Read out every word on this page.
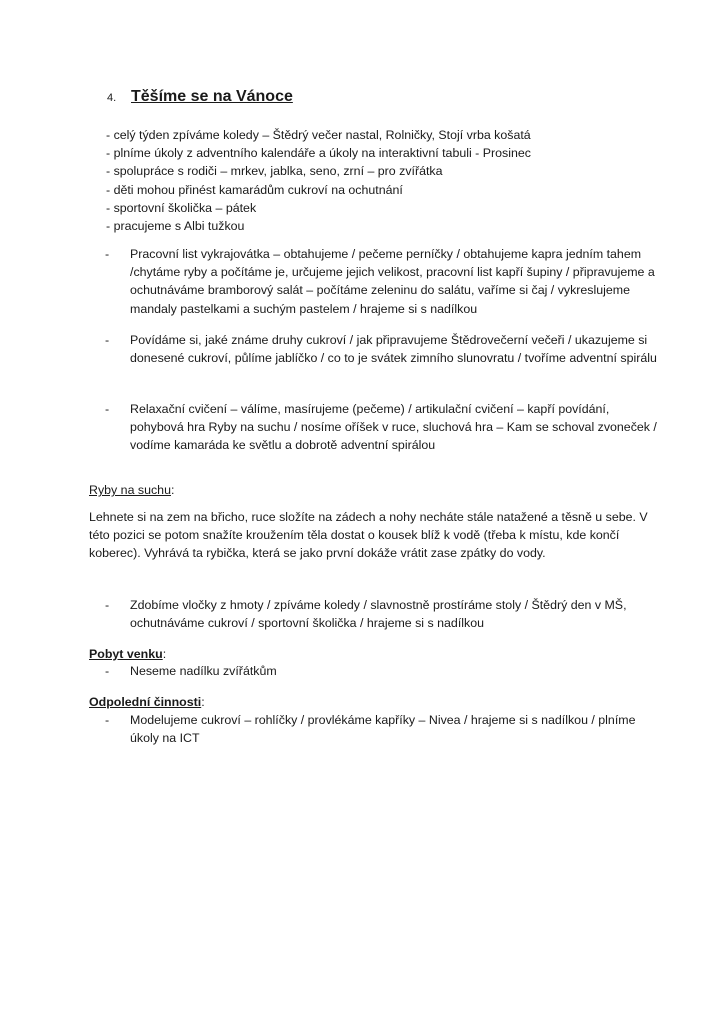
4. Těšíme se na Vánoce
- celý týden zpíváme koledy – Štědrý večer nastal, Rolničky, Stojí vrba košatá
- plníme úkoly z adventního kalendáře a úkoly na interaktivní tabuli - Prosinec
- spolupráce s rodiči – mrkev, jablka, seno, zrní – pro zvířátka
- děti mohou přinést kamarádům cukroví na ochutnání
- sportovní školička – pátek
- pracujeme s Albi tužkou
-	Pracovní list vykrajovátka – obtahujeme / pečeme perníčky / obtahujeme kapra jedním tahem /chytáme ryby a počítáme je, určujeme jejich velikost, pracovní list kapří šupiny / připravujeme a ochutnáváme bramborový salát – počítáme zeleninu do salátu, vaříme si čaj / vykreslujeme mandaly pastelkami a suchým pastelem / hrajeme si s nadílkou
-	Povídáme si, jaké známe druhy cukroví / jak připravujeme Štědrovečerní večeři / ukazujeme si donesené cukroví, půlíme jablíčko / co to je svátek zimního slunovratu / tvoříme adventní spirálu
-	Relaxační cvičení – válíme, masírujeme (pečeme) / artikulační cvičení – kapří povídání, pohybová hra Ryby na suchu / nosíme oříšek v ruce, sluchová hra – Kam se schoval zvoneček / vodíme kamaráda ke světlu a dobrotě adventní spirálou
Ryby na suchu:
Lehnete si na zem na břicho, ruce složíte na zádech a nohy necháte stále natažené a těsně u sebe. V této pozici se potom snažíte kroužením těla dostat o kousek blíž k vodě (třeba k místu, kde končí koberec). Vyhrává ta rybička, která se jako první dokáže vrátit zase zpátky do vody.
-	Zdobíme vločky z hmoty / zpíváme koledy / slavnostně prostíráme stoly / Štědrý den v MŠ, ochutnáváme cukroví / sportovní školička / hrajeme si s nadílkou
Pobyt venku:
-	Neseme nadílku zvířátkům
Odpolední činnosti:
-	Modelujeme cukroví – rohlíčky / provlékáme kapříky – Nivea / hrajeme si s nadílkou / plníme úkoly na ICT
